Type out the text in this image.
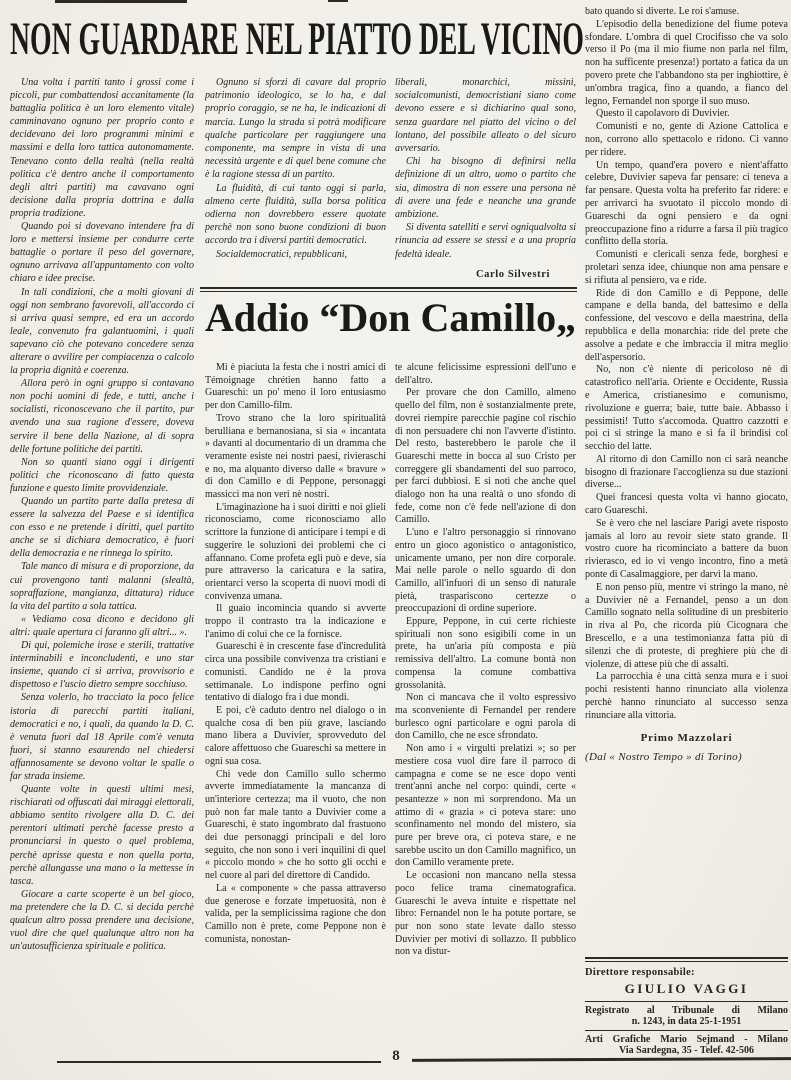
NON GUARDARE NEL PIATTO DEL VICINO

Una volta i partiti tanto i grossi come i piccoli, pur combattendosi accanitamente (la battaglia politica è un loro elemento vitale) camminavano ognuno per proprio conto e decidevano dei loro programmi minimi e massimi e della loro tattica autonomamente. Tenevano conto della realtà (nella realtà politica c'è dentro anche il comportamento degli altri partiti) ma cavavano ogni decisione dalla propria dottrina e dalla propria tradizione.

Quando poi si dovevano intendere fra di loro e mettersi insieme per condurre certe battaglie o portare il peso del governare, ognuno arrivava all'appuntamento con volto chiaro e idee precise.

In tali condizioni, che a molti giovani di oggi non sembrano favorevoli, all'accordo ci si arriva quasi sempre, ed era un accordo leale, convenuto fra galantuomini, i quali sapevano ciò che potevano concedere senza alterare o avvilire per compiacenza o calcolo la propria dignità e coerenza.

Allora però in ogni gruppo si contavano non pochi uomini di fede, e tutti, anche i socialisti, riconoscevano che il partito, pur avendo una sua ragione d'essere, doveva servire il bene della Nazione, al di sopra delle fortune politiche dei partiti.

Non so quanti siano oggi i dirigenti politici che riconoscano di fatto questa funzione e questo limite provvidenziale.

Quando un partito parte dalla pretesa di essere la salvezza del Paese e si identifica con esso e ne pretende i diritti, quel partito anche se si dichiara democratico, è fuori della democrazia e ne rinnega lo spirito.

Tale manco di misura e di proporzione, da cui provengono tanti malanni (slealtà, sopraffazione, mangianza, dittatura) riduce la vita del partito a sola tattica.

« Vediamo cosa dicono e decidono gli altri: quale apertura ci faranno gli altri... ».

Di qui, polemiche irose e sterili, trattative interminabili e inconcludenti, e uno star insieme, quando ci si arriva, provvisorio e dispettoso e l'uscio dietro sempre socchiuso.

Senza volerlo, ho tracciato la poco felice istoria di parecchi partiti italiani, democratici e no, i quali, da quando la D. C. è venuta fuori dal 18 Aprile com'è venuta fuori, si stanno esaurendo nel chiedersi affannosamente se devono voltar le spalle o far strada insieme.

Quante volte in questi ultimi mesi, rischiarati od offuscati dai miraggi elettorali, abbiamo sentito rivolgere alla D. C. dei perentori ultimati perchè facesse presto a pronunciarsi in questo o quel problema, perchè aprisse questa e non quella porta, perchè allungasse una mano o la mettesse in tasca.

Giocare a carte scoperte è un bel gioco, ma pretendere che la D. C. si decida perchè qualcun altro possa prendere una decisione, vuol dire che quel qualunque altro non ha un'autosufficienza spirituale e politica.

Ognuno si sforzi di cavare dal proprio patrimonio ideologico, se lo ha, e dal proprio coraggio, se ne ha, le indicazioni di marcia. Lungo la strada si potrà modificare qualche particolare per raggiungere una componente, ma sempre in vista di una necessità urgente e di quel bene comune che è la ragione stessa di un partito.

La fluidità, di cui tanto oggi si parla, almeno certe fluidità, sulla borsa politica odierna non dovrebbero essere quotate perchè non sono buone condizioni di buon accordo tra i diversi partiti democratici.

Socialdemocratici, repubblicani,

liberali, monarchici, missini, socialcomunisti, democristiani siano come devono essere e si dichiarino qual sono, senza guardare nel piatto del vicino o del lontano, del possibile alleato o del sicuro avversario.

Chi ha bisogno di definirsi nella definizione di un altro, uomo o partito che sia, dimostra di non essere una persona nè di avere una fede e neanche una grande ambizione.

Si diventa satelliti e servi ogniqualvolta si rinuncia ad essere se stessi e a una propria fedeltà ideale.

Carlo Silvestri
Addio “Don Camillo„

Mi è piaciuta la festa che i nostri amici di Témoignage chrétien hanno fatto a Guareschi: un po' meno il loro entusiasmo per don Camillo-film.

Trovo strano che la loro spiritualità berulliana e bernanosiana, si sia « incantata » davanti al documentario di un dramma che veramente esiste nei nostri paesi, rivieraschi e no, ma alquanto diverso dalle « bravure » di don Camillo e di Peppone, personaggi massicci ma non veri nè nostri.

L'imaginazione ha i suoi diritti e noi glieli riconosciamo, come riconosciamo allo scrittore la funzione di anticipare i tempi e di suggerire le soluzioni dei problemi che ci affannano. Come profeta egli può e deve, sia pure attraverso la caricatura e la satira, orientarci verso la scoperta di nuovi modi di convivenza umana.

Il guaio incomincia quando si avverte troppo il contrasto tra la indicazione e l'animo di colui che ce la fornisce.

Guareschi è in crescente fase d'incredulità circa una possibile convivenza tra cristiani e comunisti. Candido ne è la prova settimanale. Lo indispone perfino ogni tentativo di dialogo fra i due mondi.

E poi, c'è caduto dentro nel dialogo o in qualche cosa di ben più grave, lasciando mano libera a Duvivier, sprovveduto del calore affettuoso che Guareschi sa mettere in ogni sua cosa.

Chi vede don Camillo sullo schermo avverte immediatamente la mancanza di un'interiore certezza; ma il vuoto, che non può non far male tanto a Duvivier come a Guareschi, è stato ingombrato dal frastuono dei due personaggi principali e del loro seguito, che non sono i veri inquilini di quel « piccolo mondo » che ho sotto gli occhi e nel cuore al pari del direttore di Candido.

La « componente » che passa attraverso due generose e forzate impetuosità, non è valida, per la semplicissima ragione che don Camillo non è prete, come Peppone non è comunista, nonostan-

te alcune felicissime espressioni dell'uno e dell'altro.

Per provare che don Camillo, almeno quello del film, non è sostanzialmente prete, dovrei riempire parecchie pagine col rischio di non persuadere chi non l'avverte d'istinto. Del resto, basterebbero le parole che il Guareschi mette in bocca al suo Cristo per correggere gli sbandamenti del suo parroco, per farci dubbiosi. E si noti che anche quel dialogo non ha una realtà o uno sfondo di fede, come non c'è fede nell'azione di don Camillo.

L'uno e l'altro personaggio si rinnovano entro un gioco agonistico o antagonistico, unicamente umano, per non dire corporale. Mai nelle parole o nello sguardo di don Camillo, all'infuori di un senso di naturale pietà, traspariscono certezze o preoccupazioni di ordine superiore.

Eppure, Peppone, in cui certe richieste spirituali non sono esigibili come in un prete, ha un'aria più composta e più remissiva dell'altro. La comune bontà non compensa la comune combattiva grossolanità.

Non ci mancava che il volto espressivo ma sconveniente di Fernandel per rendere burlesco ogni particolare e ogni parola di don Camillo, che ne esce sfrondato.

Non amo i « virgulti prelatizi »; so per mestiere cosa vuol dire fare il parroco di campagna e come se ne esce dopo venti trent'anni anche nel corpo: quindi, certe « pesantezze » non mi sorprendono. Ma un attimo di « grazia » ci poteva stare: uno sconfinamento nel mondo del mistero, sia pure per breve ora, ci poteva stare, e ne sarebbe uscito un don Camillo magnifico, un don Camillo veramente prete.

Le occasioni non mancano nella stessa poco felice trama cinematografica. Guareschi le aveva intuite e rispettate nel libro: Fernandel non le ha potute portare, se pur non sono state levate dallo stesso Duvivier per motivi di sollazzo. Il pubblico non va distur-

bato quando si diverte. Le roi s'amuse.

L'episodio della benedizione del fiume poteva sfondare. L'ombra di quel Crocifisso che va solo verso il Po (ma il mio fiume non parla nel film, non ha sufficente presenza!) portato a fatica da un povero prete che l'abbandono sta per inghiottire, è un'ombra tragica, fino a quando, a fianco del legno, Fernandel non sporge il suo muso.

Questo il capolavoro di Duvivier.

Comunisti e no, gente di Azione Cattolica e non, corrono allo spettacolo e ridono. Ci vanno per ridere.

Un tempo, quand'era povero e nient'affatto celebre, Duvivier sapeva far pensare: ci teneva a far pensare. Questa volta ha preferito far ridere: e per arrivarci ha svuotato il piccolo mondo di Guareschi da ogni pensiero e da ogni preoccupazione fino a ridurre a farsa il più tragico conflitto della storia.

Comunisti e clericali senza fede, borghesi e proletari senza idee, chiunque non ama pensare e si rifiuta al pensiero, va e ride.

Ride di don Camillo e di Peppone, delle campane e della banda, del battesimo e della confessione, del vescovo e della maestrina, della repubblica e della monarchia: ride del prete che assolve a pedate e che imbraccia il mitra meglio dell'aspersorio.

No, non c'è niente di pericoloso nè di catastrofico nell'aria. Oriente e Occidente, Russia e America, cristianesimo e comunismo, rivoluzione e guerra; baie, tutte baie. Abbasso i pessimisti! Tutto s'accomoda. Quattro cazzotti e poi ci si stringe la mano e si fa il brindisi col secchio del latte.

Al ritorno di don Camillo non ci sarà neanche bisogno di frazionare l'accoglienza su due stazioni diverse...

Quei francesi questa volta vi hanno giocato, caro Guareschi.

Se è vero che nel lasciare Parigi avete risposto jamais al loro au revoir siete stato grande. Il vostro cuore ha ricominciato a battere da buon rivierasco, ed io vi vengo incontro, fino a metà ponte di Casalmaggiore, per darvi la mano.

E non penso più, mentre vi stringo la mano, nè a Duvivier nè a Fernandel, penso a un don Camillo sognato nella solitudine di un presbiterio in riva al Po, che ricorda più Cicognara che Brescello, e a una testimonianza fatta più di silenzi che di proteste, di preghiere più che di violenze, di attese più che di assalti.

La parrocchia è una città senza mura e i suoi pochi resistenti hanno rinunciato alla violenza perchè hanno rinunciato al successo senza rinunciare alla vittoria.

Primo Mazzolari
(Dal « Nostro Tempo » di Torino)
Direttore responsabile:
GIULIO VAGGI
Registrato al Tribunale di Milano
n. 1243, in data 25-1-1951
Arti Grafiche Mario Sejmand - Milano
Via Sardegna, 35 - Telef. 42-506
8
